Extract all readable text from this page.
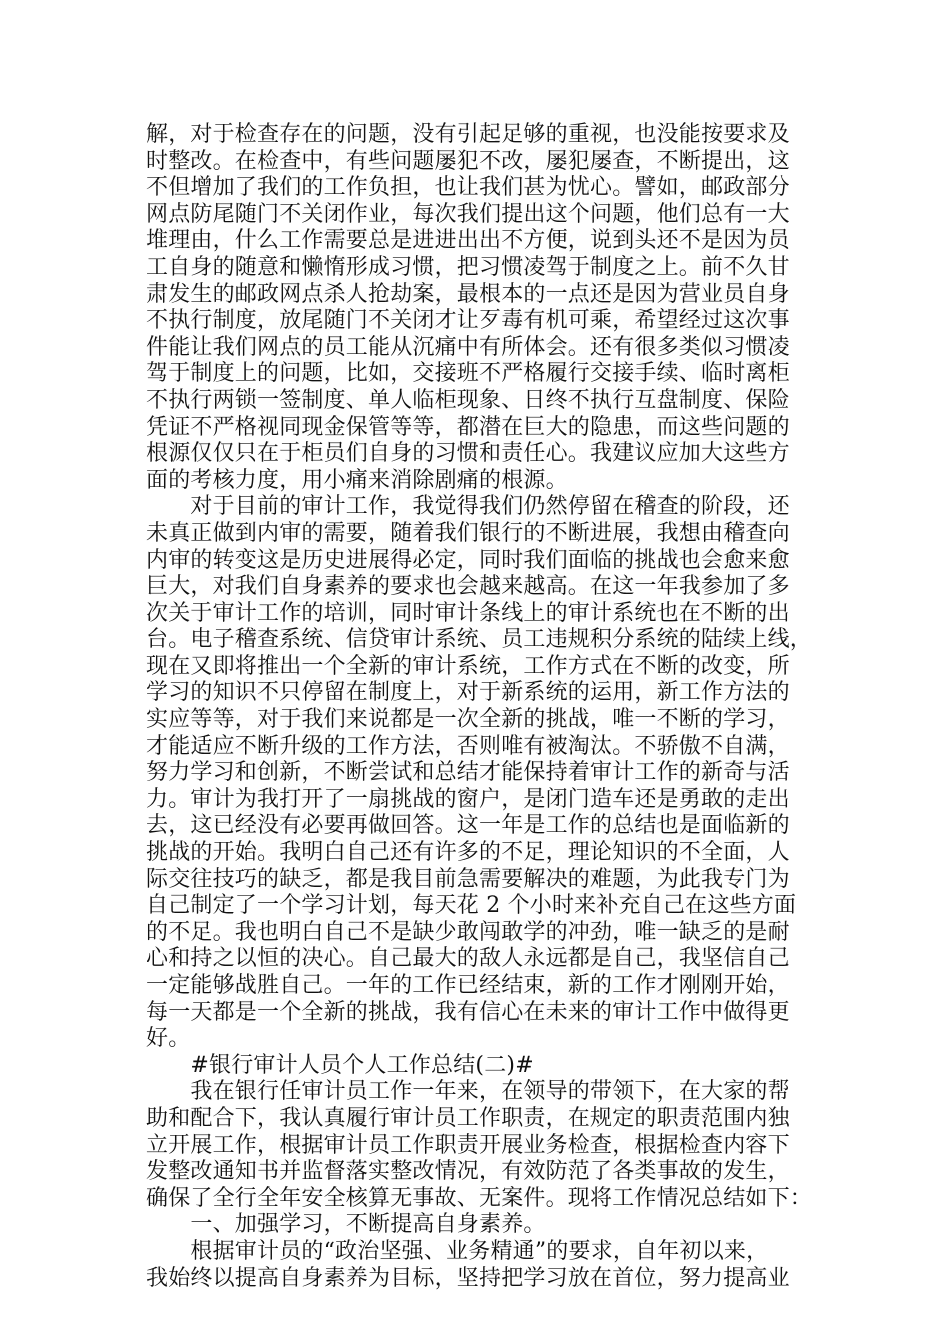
解，对于检查存在的问题，没有引起足够的重视，也没能按要求及
时整改。在检查中，有些问题屡犯不改，屡犯屡查，不断提出，这
不但增加了我们的工作负担，也让我们甚为忧心。譬如，邮政部分
网点防尾随门不关闭作业，每次我们提出这个问题，他们总有一大
堆理由，什么工作需要总是进进出出不方便，说到头还不是因为员
工自身的随意和懒惰形成习惯，把习惯凌驾于制度之上。前不久甘
肃发生的邮政网点杀人抢劫案，最根本的一点还是因为营业员自身
不执行制度，放尾随门不关闭才让歹毒有机可乘，希望经过这次事
件能让我们网点的员工能从沉痛中有所体会。还有很多类似习惯凌
驾于制度上的问题，比如，交接班不严格履行交接手续、临时离柜
不执行两锁一签制度、单人临柜现象、日终不执行互盘制度、保险
凭证不严格视同现金保管等等，都潜在巨大的隐患，而这些问题的
根源仅仅只在于柜员们自身的习惯和责任心。我建议应加大这些方
面的考核力度，用小痛来消除剧痛的根源。
　　对于目前的审计工作，我觉得我们仍然停留在稽查的阶段，还
未真正做到内审的需要，随着我们银行的不断进展，我想由稽查向
内审的转变这是历史进展得必定，同时我们面临的挑战也会愈来愈
巨大，对我们自身素养的要求也会越来越高。在这一年我参加了多
次关于审计工作的培训，同时审计条线上的审计系统也在不断的出
台。电子稽查系统、信贷审计系统、员工违规积分系统的陆续上线，
现在又即将推出一个全新的审计系统，工作方式在不断的改变，所
学习的知识不只停留在制度上，对于新系统的运用，新工作方法的
实应等等，对于我们来说都是一次全新的挑战，唯一不断的学习，
才能适应不断升级的工作方法，否则唯有被淘汰。不骄傲不自满，
努力学习和创新，不断尝试和总结才能保持着审计工作的新奇与活
力。审计为我打开了一扇挑战的窗户，是闭门造车还是勇敢的走出
去，这已经没有必要再做回答。这一年是工作的总结也是面临新的
挑战的开始。我明白自己还有许多的不足，理论知识的不全面，人
际交往技巧的缺乏，都是我目前急需要解决的难题，为此我专门为
自己制定了一个学习计划，每天花 2 个小时来补充自己在这些方面
的不足。我也明白自己不是缺少敢闯敢学的冲劲，唯一缺乏的是耐
心和持之以恒的决心。自己最大的敌人永远都是自己，我坚信自己
一定能够战胜自己。一年的工作已经结束，新的工作才刚刚开始，
每一天都是一个全新的挑战，我有信心在未来的审计工作中做得更
好。
　　#银行审计人员个人工作总结(二)#
　　我在银行任审计员工作一年来，在领导的带领下，在大家的帮
助和配合下，我认真履行审计员工作职责，在规定的职责范围内独
立开展工作，根据审计员工作职责开展业务检查，根据检查内容下
发整改通知书并监督落实整改情况，有效防范了各类事故的发生，
确保了全行全年安全核算无事故、无案件。现将工作情况总结如下：
　　一、加强学习，不断提高自身素养。
　　根据审计员的“政治坚强、业务精通”的要求，自年初以来，
我始终以提高自身素养为目标，坚持把学习放在首位，努力提高业
